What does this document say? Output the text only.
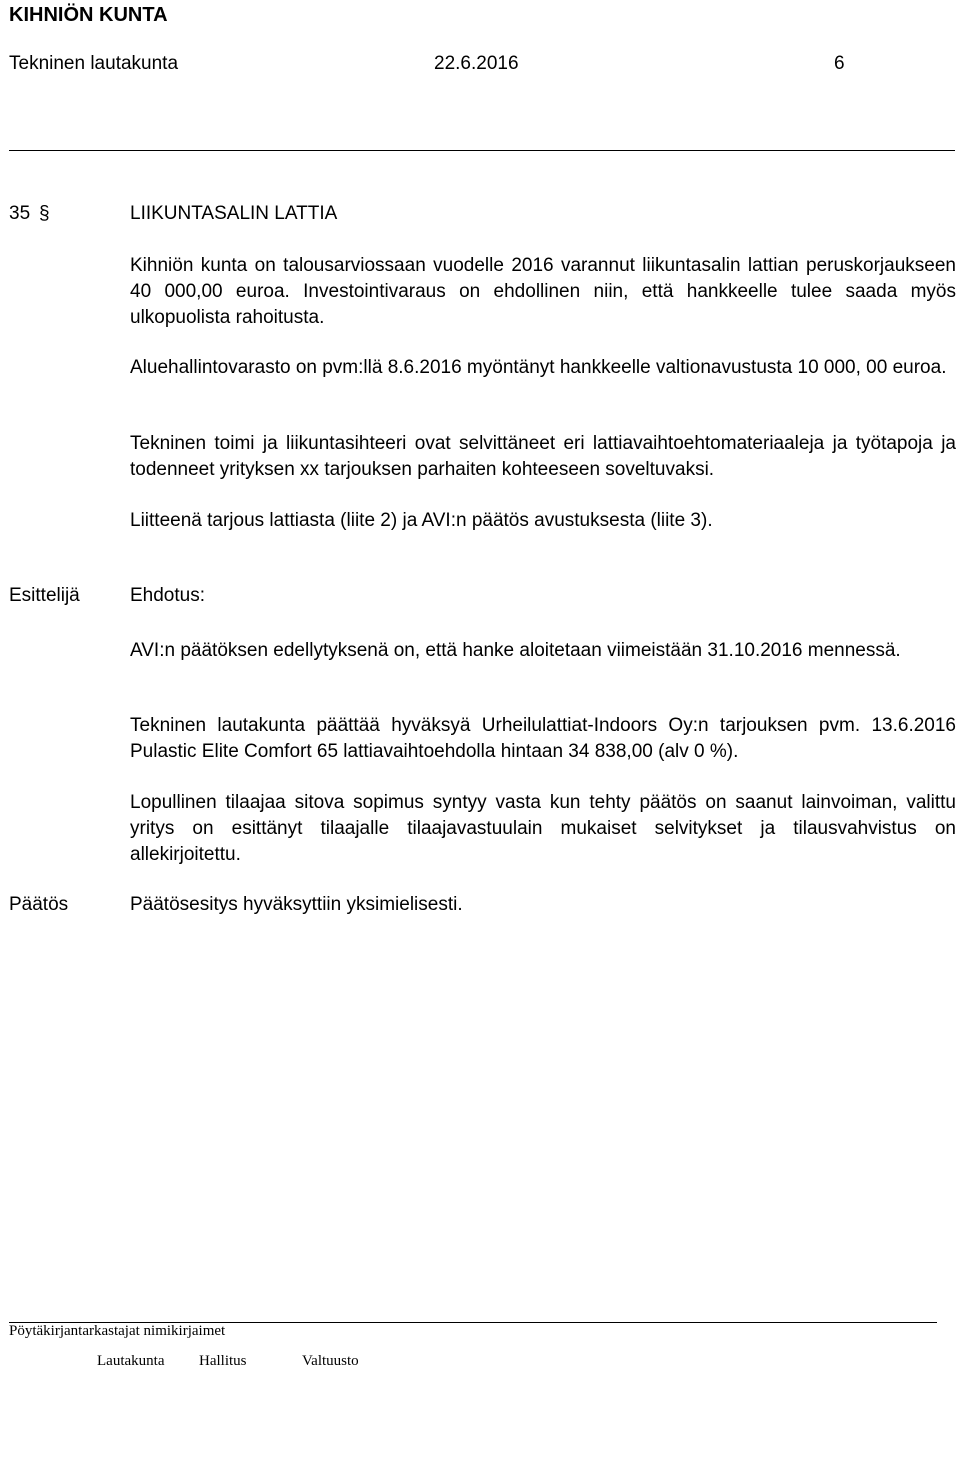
KIHNIÖN KUNTA
Tekninen lautakunta	22.6.2016	6
35 §	LIIKUNTASALIN LATTIA
Kihniön kunta on talousarviossaan vuodelle 2016 varannut liikuntasalin lattian peruskorjaukseen 40 000,00 euroa. Investointivaraus on ehdollinen niin, että hankkeelle tulee saada myös ulkopuolista rahoitusta.
Aluehallintovarasto on pvm:llä 8.6.2016 myöntänyt hankkeelle valtionavustusta 10 000, 00 euroa.
Tekninen toimi ja liikuntasihteeri ovat selvittäneet eri lattiavaihtoehtomateriaaleja ja työtapoja ja todenneet yrityksen xx tarjouksen parhaiten kohteeseen soveltuvaksi.
Liitteenä tarjous lattiasta (liite 2) ja AVI:n päätös avustuksesta (liite 3).
Esittelijä	Ehdotus:
AVI:n päätöksen edellytyksenä on, että hanke aloitetaan viimeistään 31.10.2016 mennessä.
Tekninen lautakunta päättää hyväksyä Urheilulattiat-Indoors Oy:n tarjouksen pvm. 13.6.2016 Pulastic Elite Comfort 65 lattiavaihtoehdolla hintaan 34 838,00 (alv 0 %).
Lopullinen tilaajaa sitova sopimus syntyy vasta kun tehty päätös on saanut lainvoiman, valittu yritys on esittänyt tilaajalle tilaajavastuulain mukaiset selvitykset ja tilausvahvistus on allekirjoitettu.
Päätös	Päätösesitys hyväksyttiin yksimielisesti.
Pöytäkirjantarkastajat nimikirjaimet
Lautakunta Hallitus	Valtuusto
